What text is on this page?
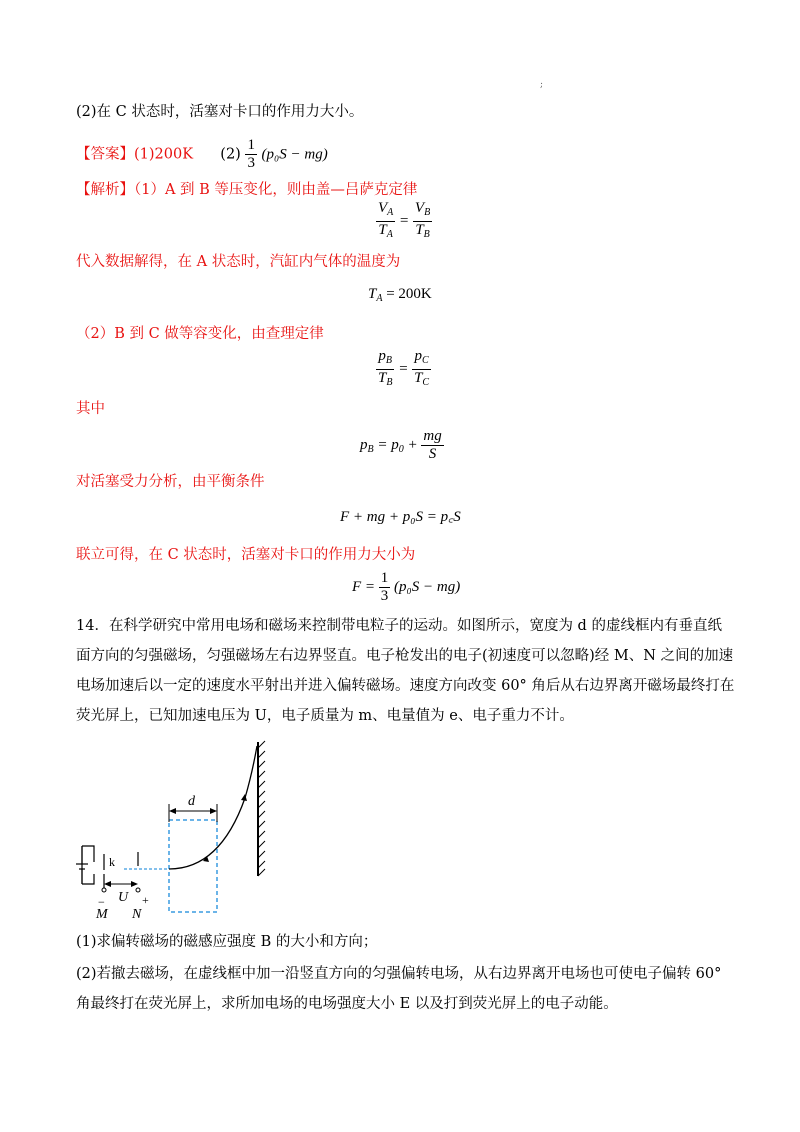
;
(2)在 C 状态时，活塞对卡口的作用力大小。
【答案】(1)200K $(2) \frac{1}{3} (p_0S - mg)$
【解析】（1）A 到 B 等压变化，则由盖—吕萨克定律
$\frac{V_A}{T_A} = \frac{V_B}{T_B}$
代入数据解得，在 A 状态时，汽缸内气体的温度为
$T_A = 200K$
（2）B 到 C 做等容变化，由查理定律
$\frac{p_B}{T_B} = \frac{p_C}{T_C}$
其中
$p_B = p_0 + \frac{mg}{S}$
对活塞受力分析，由平衡条件
F + mg + p₀S = p꜀S
联立可得，在 C 状态时，活塞对卡口的作用力大小为
$F = \frac{1}{3} (p_0S - mg)$
14．在科学研究中常用电场和磁场来控制带电粒子的运动。如图所示，宽度为 d 的虚线框内有垂直纸面方向的匀强磁场，匀强磁场左右边界竖直。电子枪发出的电子(初速度可以忽略)经 M、N 之间的加速电场加速后以一定的速度水平射出并进入偏转磁场。速度方向改变 60° 角后从右边界离开磁场最终打在荧光屏上，已知加速电压为 U，电子质量为 m、电量值为 e、电子重力不计。
d
k
U
−	+
M N
(1)求偏转磁场的磁感应强度 B 的大小和方向；
(2)若撤去磁场，在虚线框中加一沿竖直方向的匀强偏转电场，从右边界离开电场也可使电子偏转 60° 角最终打在荧光屏上，求所加电场的电场强度大小 E 以及打到荧光屏上的电子动能。
